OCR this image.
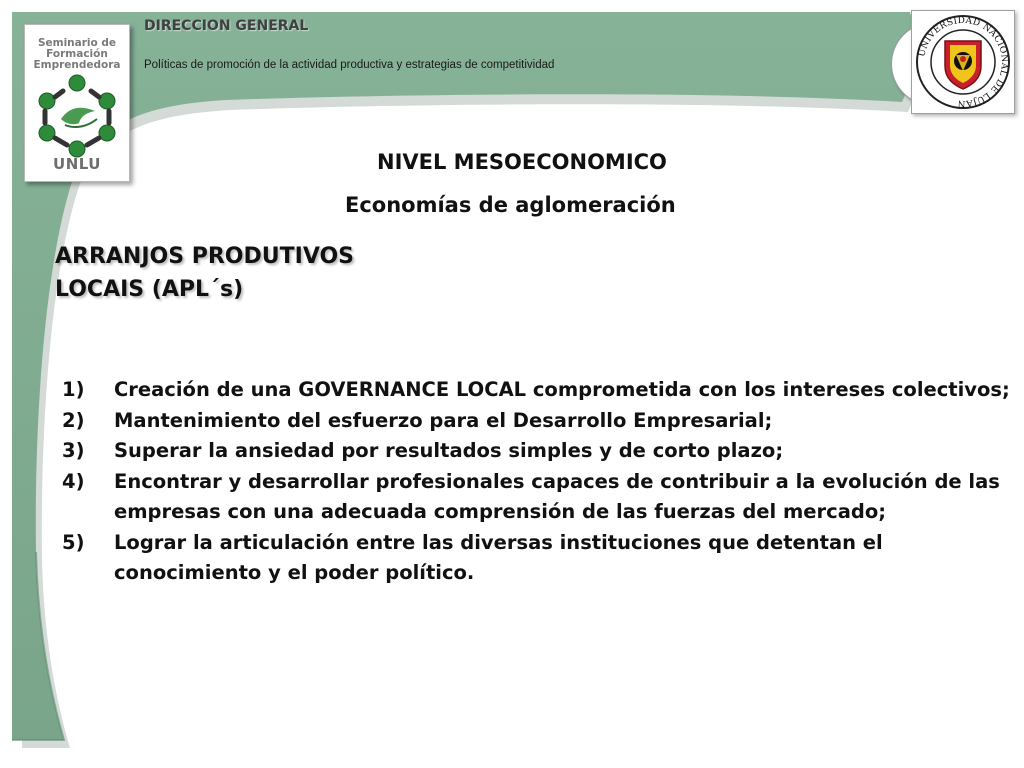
Seminario de
Formación
Emprendedora
UNLU
DIRECCION GENERAL
Políticas de promoción de la actividad productiva y estrategias de competitividad
UNIVERSIDAD NACIONAL DE LUJAN
NIVEL MESOECONOMICO
Economías de aglomeración
ARRANJOS PRODUTIVOS
LOCAIS (APL´s)
1) Creación de una GOVERNANCE LOCAL comprometida con los intereses colectivos;
2) Mantenimiento del esfuerzo para el Desarrollo Empresarial;
3) Superar la ansiedad por resultados simples y de corto plazo;
4) Encontrar y desarrollar profesionales capaces de contribuir a la evolución de las empresas con una adecuada comprensión de las fuerzas del mercado;
5) Lograr la articulación entre las diversas instituciones que detentan el conocimiento y el poder político.
